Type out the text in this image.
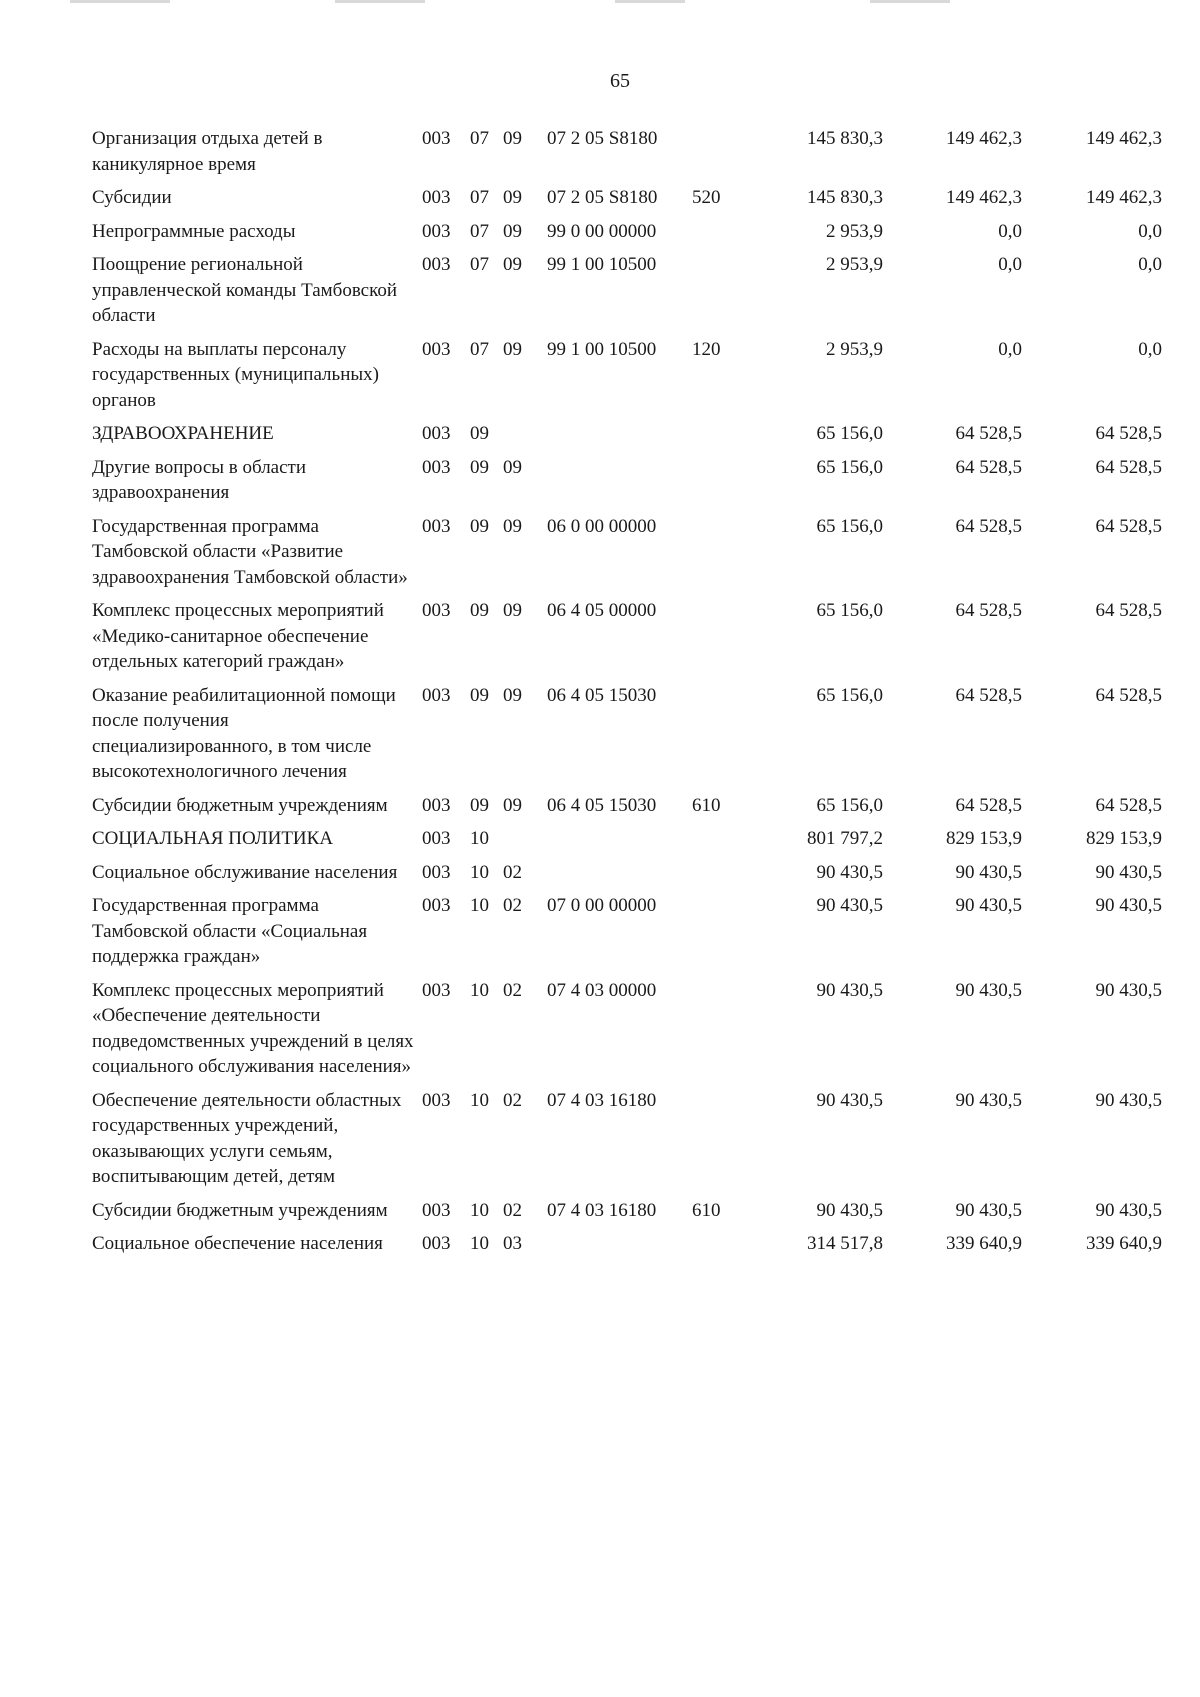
65
Организация отдыха детей в каникулярное время	003	07	09	07 2 05 S8180		145 830,3	149 462,3	149 462,3
Субсидии	003	07	09	07 2 05 S8180	520	145 830,3	149 462,3	149 462,3
Непрограммные расходы	003	07	09	99 0 00 00000		2 953,9	0,0	0,0
Поощрение региональной управленческой команды Тамбовской области	003	07	09	99 1 00 10500		2 953,9	0,0	0,0
Расходы на выплаты персоналу государственных (муниципальных) органов	003	07	09	99 1 00 10500	120	2 953,9	0,0	0,0
ЗДРАВООХРАНЕНИЕ	003	09				65 156,0	64 528,5	64 528,5
Другие вопросы в области здравоохранения	003	09	09			65 156,0	64 528,5	64 528,5
Государственная программа Тамбовской области «Развитие здравоохранения Тамбовской области»	003	09	09	06 0 00 00000		65 156,0	64 528,5	64 528,5
Комплекс процессных мероприятий «Медико-санитарное обеспечение отдельных категорий граждан»	003	09	09	06 4 05 00000		65 156,0	64 528,5	64 528,5
Оказание реабилитационной помощи после получения специализированного, в том числе высокотехнологичного лечения	003	09	09	06 4 05 15030		65 156,0	64 528,5	64 528,5
Субсидии бюджетным учреждениям	003	09	09	06 4 05 15030	610	65 156,0	64 528,5	64 528,5
СОЦИАЛЬНАЯ ПОЛИТИКА	003	10				801 797,2	829 153,9	829 153,9
Социальное обслуживание населения	003	10	02			90 430,5	90 430,5	90 430,5
Государственная программа Тамбовской области «Социальная поддержка граждан»	003	10	02	07 0 00 00000		90 430,5	90 430,5	90 430,5
Комплекс процессных мероприятий «Обеспечение деятельности подведомственных учреждений в целях социального обслуживания населения»	003	10	02	07 4 03 00000		90 430,5	90 430,5	90 430,5
Обеспечение деятельности областных государственных учреждений, оказывающих услуги семьям, воспитывающим детей, детям	003	10	02	07 4 03 16180		90 430,5	90 430,5	90 430,5
Субсидии бюджетным учреждениям	003	10	02	07 4 03 16180	610	90 430,5	90 430,5	90 430,5
Социальное обеспечение населения	003	10	03			314 517,8	339 640,9	339 640,9
